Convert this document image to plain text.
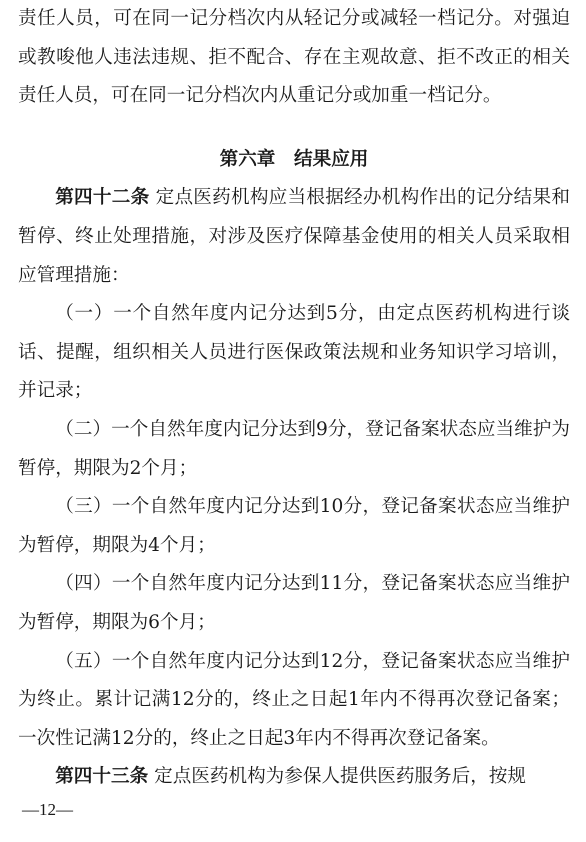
责任人员，可在同一记分档次内从轻记分或减轻一档记分。对强迫或教唆他人违法违规、拒不配合、存在主观故意、拒不改正的相关责任人员，可在同一记分档次内从重记分或加重一档记分。

第六章 结果应用

第四十二条 定点医药机构应当根据经办机构作出的记分结果和暂停、终止处理措施，对涉及医疗保障基金使用的相关人员采取相应管理措施：

（一）一个自然年度内记分达到5分，由定点医药机构进行谈话、提醒，组织相关人员进行医保政策法规和业务知识学习培训，并记录；

（二）一个自然年度内记分达到9分，登记备案状态应当维护为暂停，期限为2个月；

（三）一个自然年度内记分达到10分，登记备案状态应当维护为暂停，期限为4个月；

（四）一个自然年度内记分达到11分，登记备案状态应当维护为暂停，期限为6个月；

（五）一个自然年度内记分达到12分，登记备案状态应当维护为终止。累计记满12分的，终止之日起1年内不得再次登记备案；一次性记满12分的，终止之日起3年内不得再次登记备案。

第四十三条 定点医药机构为参保人提供医药服务后，按规

—12—
